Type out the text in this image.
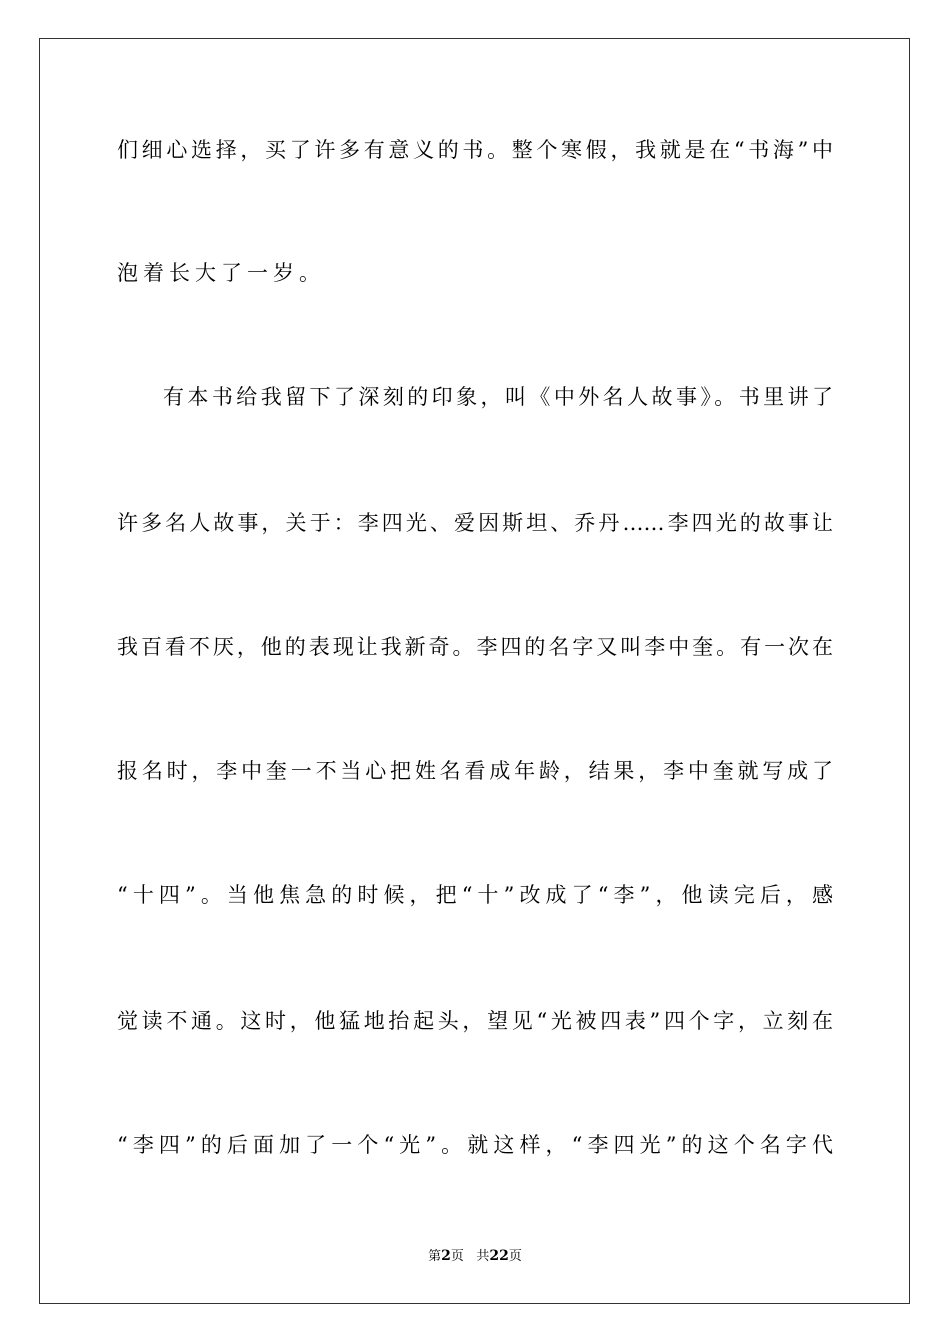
们细心选择，买了许多有意义的书。整个寒假，我就是在“书海”中
泡着长大了一岁。
有本书给我留下了深刻的印象，叫《中外名人故事》。书里讲了
许多名人故事，关于：李四光、爱因斯坦、乔丹……李四光的故事让
我百看不厌，他的表现让我新奇。李四的名字又叫李中奎。有一次在
报名时，李中奎一不当心把姓名看成年龄，结果，李中奎就写成了
“十四”。当他焦急的时候，把“十”改成了“李”，他读完后，感
觉读不通。这时，他猛地抬起头，望见“光被四表”四个字，立刻在
“李四”的后面加了一个“光”。就这样，“李四光”的这个名字代
第2页 共22页
